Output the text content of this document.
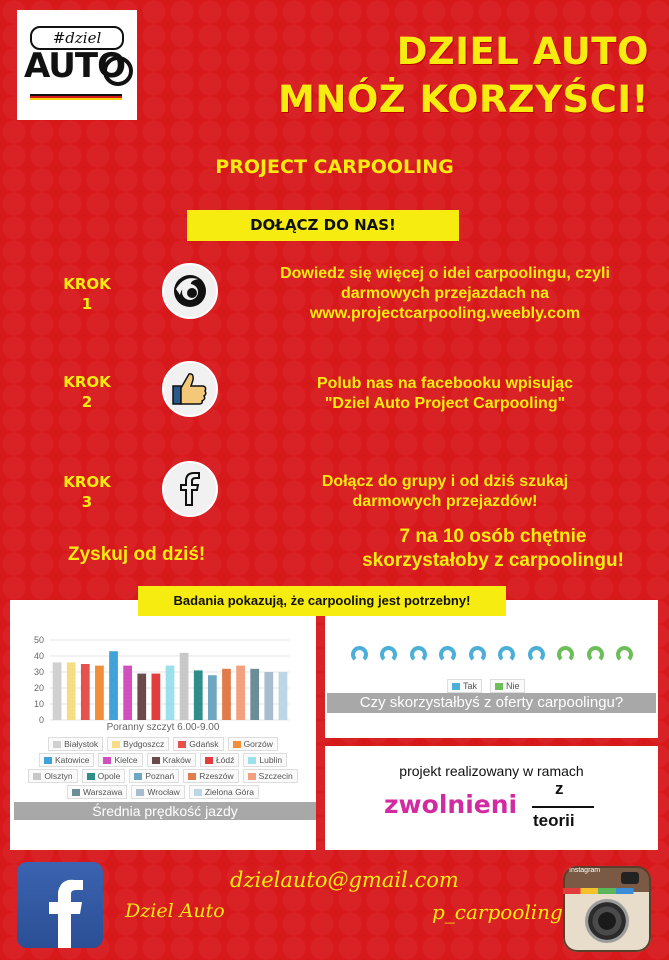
#dziel
AUTO	DZIEL AUTO
MNÓŻ KORZYŚCI!
PROJECT CARPOOLING
DOŁĄCZ DO NAS!
KROK
1
Dowiedz się więcej o idei carpoolingu, czyli
darmowych przejazdach na
www.projectcarpooling.weebly.com
KROK
2
Polub nas na facebooku wpisując
"Dziel Auto Project Carpooling"
KROK
3
Dołącz do grupy i od dziś szukaj
darmowych przejazdów!
Zyskuj od dziś!
7 na 10 osób chętnie
skorzystałoby z carpoolingu!
Badania pokazują, że carpooling jest potrzebny!
0
10
20
30
40
50
Poranny szczyt 6.00-9.00
Białystok	Bydgoszcz	Gdańsk	Gorzów
Katowice	Kielce	Kraków	Łódź	Lublin
Olsztyn	Opole	Poznań	Rzeszów	Szczecin
Warszawa	Wrocław	Zielona Góra
Średnia prędkość jazdy
Tak	Nie
Czy skorzystałbyś z oferty carpoolingu?
projekt realizowany w ramach
zwolnieni
z
teorii
dzielauto@gmail.com
Dziel Auto	p_carpooling
Instagram
